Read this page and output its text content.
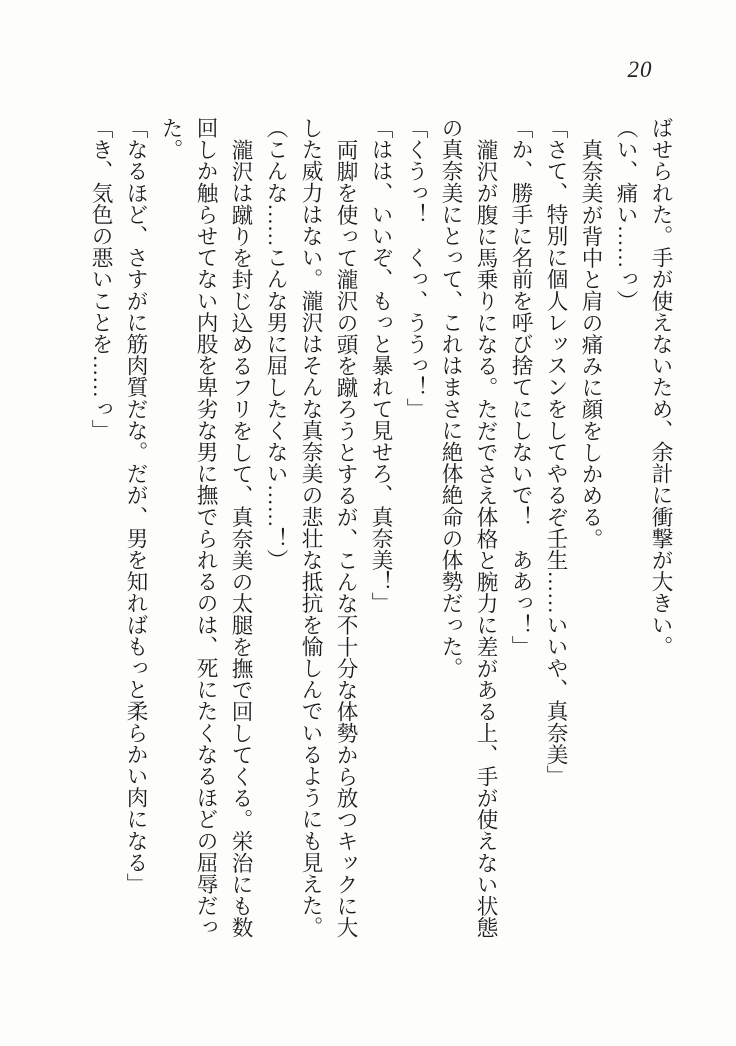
20

ばせられた。手が使えないため、余計に衝撃が大きい。

（い、痛い……っ）

真奈美が背中と肩の痛みに顔をしかめる。

「さて、特別に個人レッスンをしてやるぞ壬生……いいや、真奈美」

「か、勝手に名前を呼び捨てにしないで！　ああっ！」

瀧沢が腹に馬乗りになる。ただでさえ体格と腕力に差がある上、手が使えない状態

の真奈美にとって、これはまさに絶体絶命の体勢だった。

「くうっ！　くっ、ううっ！」

「はは、いいぞ、もっと暴れて見せろ、真奈美！」

両脚を使って瀧沢の頭を蹴ろうとするが、こんな不十分な体勢から放つキックに大

した威力はない。瀧沢はそんな真奈美の悲壮な抵抗を愉しんでいるようにも見えた。

（こんな……こんな男に屈したくない……！）

瀧沢は蹴りを封じ込めるフリをして、真奈美の太腿を撫で回してくる。栄治にも数

回しか触らせてない内股を卑劣な男に撫でられるのは、死にたくなるほどの屈辱だっ

た。

「なるほど、さすがに筋肉質だな。だが、男を知ればもっと柔らかい肉になる」

「き、気色の悪いことを……っ」
